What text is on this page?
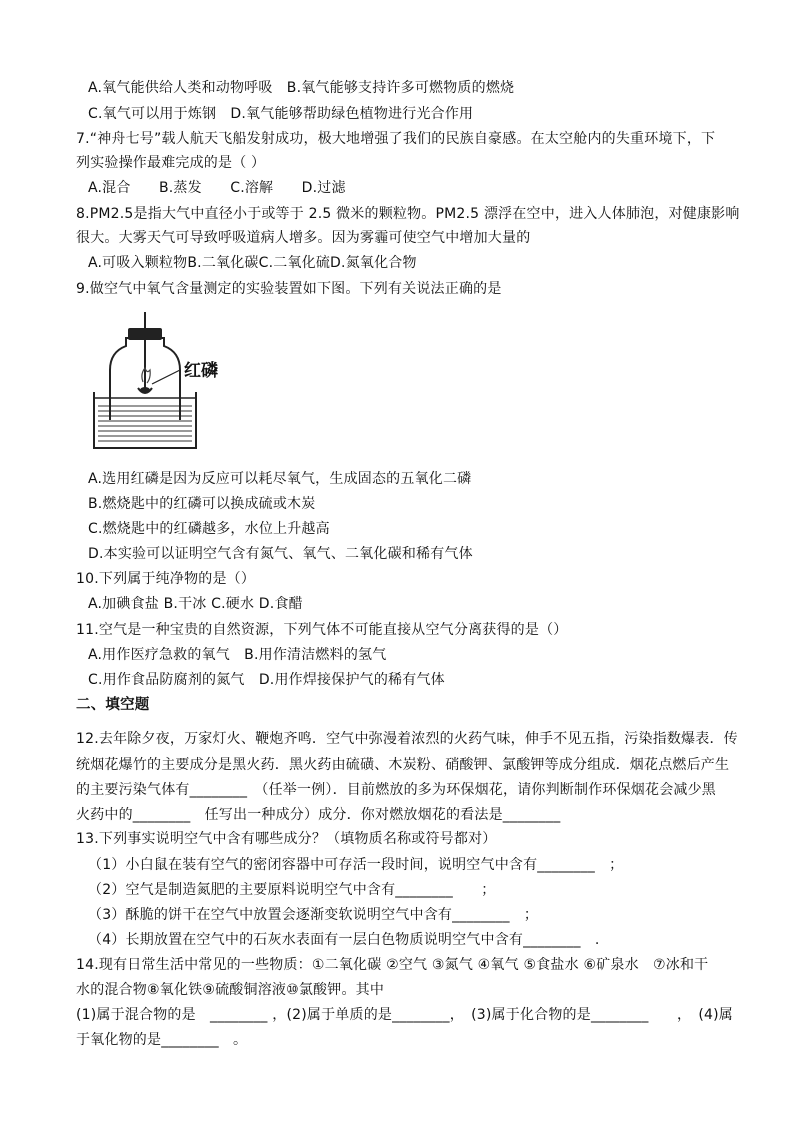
A.氧气能供给人类和动物呼吸　B.氧气能够支持许多可燃物质的燃烧
C.氧气可以用于炼钢　D.氧气能够帮助绿色植物进行光合作用
7.“神舟七号”载人航天飞船发射成功，极大地增强了我们的民族自豪感。在太空舱内的失重环境下，下
列实验操作最难完成的是（ ）
A.混合　　B.蒸发　　C.溶解　　D.过滤
8.PM2.5是指大气中直径小于或等于 2.5 微米的颗粒物。PM2.5 漂浮在空中，进入人体肺泡，对健康影响
很大。大雾天气可导致呼吸道病人增多。因为雾霾可使空气中增加大量的
A.可吸入颗粒物B.二氧化碳C.二氧化硫D.氮氧化合物
9.做空气中氧气含量测定的实验装置如下图。下列有关说法正确的是
红磷
A.选用红磷是因为反应可以耗尽氧气，生成固态的五氧化二磷
B.燃烧匙中的红磷可以换成硫或木炭
C.燃烧匙中的红磷越多，水位上升越高
D.本实验可以证明空气含有氮气、氧气、二氧化碳和稀有气体
10.下列属于纯净物的是（）
A.加碘食盐 B.干冰 C.硬水 D.食醋
11.空气是一种宝贵的自然资源，下列气体不可能直接从空气分离获得的是（）
A.用作医疗急救的氧气　B.用作清洁燃料的氢气
C.用作食品防腐剂的氮气　D.用作焊接保护气的稀有气体
二、填空题
12.去年除夕夜，万家灯火、鞭炮齐鸣．空气中弥漫着浓烈的火药气味，伸手不见五指，污染指数爆表．传
统烟花爆竹的主要成分是黑火药．黑火药由硫磺、木炭粉、硝酸钾、氯酸钾等成分组成．烟花点燃后产生
的主要污染气体有________　（任举一例）．目前燃放的多为环保烟花，请你判断制作环保烟花会减少黑
火药中的________　任写出一种成分）成分．你对燃放烟花的看法是________
13.下列事实说明空气中含有哪些成分？（填物质名称或符号都对）
（1）小白鼠在装有空气的密闭容器中可存活一段时间，说明空气中含有________　；
（2）空气是制造氮肥的主要原料说明空气中含有________　　；
（3）酥脆的饼干在空气中放置会逐渐变软说明空气中含有________　；
（4）长期放置在空气中的石灰水表面有一层白色物质说明空气中含有________　.
14.现有日常生活中常见的一些物质：①二氧化碳 ②空气 ③氮气 ④氧气 ⑤食盐水 ⑥矿泉水　⑦冰和干
水的混合物⑧氧化铁⑨硫酸铜溶液⑩氯酸钾。其中
(1)属于混合物的是　________ ，(2)属于单质的是________，　(3)属于化合物的是________　　，　(4)属
于氧化物的是________　。
